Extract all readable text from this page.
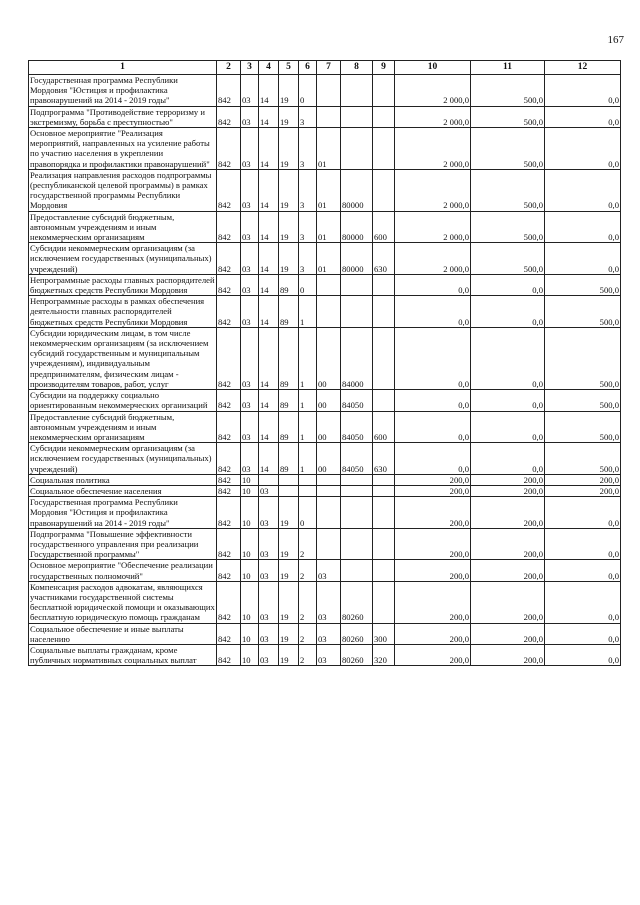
167
1	2	3	4	5	6	7	8	9	10	11	12
Государственная программа Республики Мордовия "Юстиция и профилактика правонарушений на 2014 - 2019 годы"	842	03	14	19	0				2 000,0	500,0	0,0
Подпрограмма "Противодействие терроризму и экстремизму, борьба с преступностью"	842	03	14	19	3				2 000,0	500,0	0,0
Основное мероприятие "Реализация мероприятий, направленных на усиление работы по участию населения в укреплении правопорядка и профилактики правонарушений"	842	03	14	19	3	01			2 000,0	500,0	0,0
Реализация направления расходов подпрограммы (республиканской целевой программы) в рамках государственной программы Республики Мордовия	842	03	14	19	3	01	80000		2 000,0	500,0	0,0
Предоставление субсидий бюджетным, автономным учреждениям и иным некоммерческим организациям	842	03	14	19	3	01	80000	600	2 000,0	500,0	0,0
Субсидии некоммерческим организациям (за исключением государственных (муниципальных) учреждений)	842	03	14	19	3	01	80000	630	2 000,0	500,0	0,0
Непрограммные расходы главных распорядителей бюджетных средств Республики Мордовия	842	03	14	89	0				0,0	0,0	500,0
Непрограммные расходы в рамках обеспечения деятельности главных распорядителей бюджетных средств Республики Мордовия	842	03	14	89	1				0,0	0,0	500,0
Субсидии юридическим лицам, в том числе некоммерческим организациям (за исключением субсидий государственным и муниципальным учреждениям), индивидуальным предпринимателям, физическим лицам - производителям товаров, работ, услуг	842	03	14	89	1	00	84000		0,0	0,0	500,0
Субсидии на поддержку социально ориентированным некоммерческих организаций	842	03	14	89	1	00	84050		0,0	0,0	500,0
Предоставление субсидий бюджетным, автономным учреждениям и иным некоммерческим организациям	842	03	14	89	1	00	84050	600	0,0	0,0	500,0
Субсидии некоммерческим организациям (за исключением государственных (муниципальных) учреждений)	842	03	14	89	1	00	84050	630	0,0	0,0	500,0
Социальная политика	842	10							200,0	200,0	200,0
Социальное обеспечение населения	842	10	03						200,0	200,0	200,0
Государственная программа Республики Мордовия "Юстиция и профилактика правонарушений на 2014 - 2019 годы"	842	10	03	19	0				200,0	200,0	0,0
Подпрограмма "Повышение эффективности государственного управления при реализации Государственной программы"	842	10	03	19	2				200,0	200,0	0,0
Основное мероприятие "Обеспечение реализации государственных полномочий"	842	10	03	19	2	03			200,0	200,0	0,0
Компенсация расходов адвокатам, являющихся участниками государственной системы бесплатной юридической помощи и оказывающих бесплатную юридическую помощь гражданам	842	10	03	19	2	03	80260		200,0	200,0	0,0
Социальное обеспечение и иные выплаты населению	842	10	03	19	2	03	80260	300	200,0	200,0	0,0
Социальные выплаты гражданам, кроме публичных нормативных социальных выплат	842	10	03	19	2	03	80260	320	200,0	200,0	0,0
